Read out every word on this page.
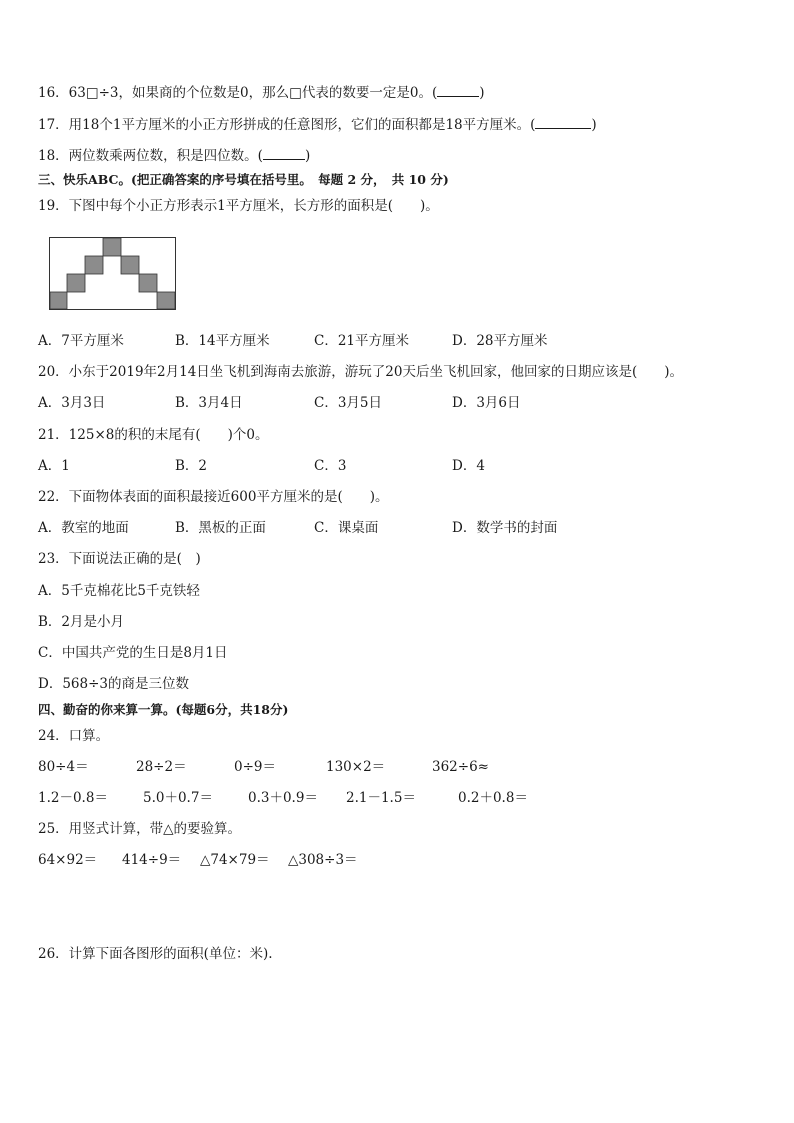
16．63□÷3，如果商的个位数是0，那么□代表的数要一定是0。(	)
17．用18个1平方厘米的小正方形拼成的任意图形，它们的面积都是18平方厘米。(	)
18．两位数乘两位数，积是四位数。(	)
三、快乐ABC。(把正确答案的序号填在括号里。　每题 2 分，　共 10 分)
19．下图中每个小正方形表示1平方厘米，长方形的面积是(　　)。
A．7平方厘米	B．14平方厘米	C．21平方厘米	D．28平方厘米
20．小东于2019年2月14日坐飞机到海南去旅游，游玩了20天后坐飞机回家，他回家的日期应该是(　　)。
A．3月3日	B．3月4日	C．3月5日	D．3月6日
21．125×8的积的末尾有(　　)个0。
A．1	B．2	C．3	D．4
22．下面物体表面的面积最接近600平方厘米的是(　　)。
A．教室的地面	B．黑板的正面	C．课桌面	D．数学书的封面
23．下面说法正确的是(　)
A．5千克棉花比5千克铁轻
B．2月是小月
C．中国共产党的生日是8月1日
D．568÷3的商是三位数
四、勤奋的你来算一算。(每题6分，共18分)
24．口算。
80÷4＝	28÷2＝	0÷9＝	130×2＝	362÷6≈
1.2－0.8＝	5.0＋0.7＝	0.3＋0.9＝ 2.1－1.5＝	0.2＋0.8＝
25．用竖式计算，带△的要验算。
64×92＝ 414÷9＝ △74×79＝ △308÷3＝
26．计算下面各图形的面积(单位：米).
